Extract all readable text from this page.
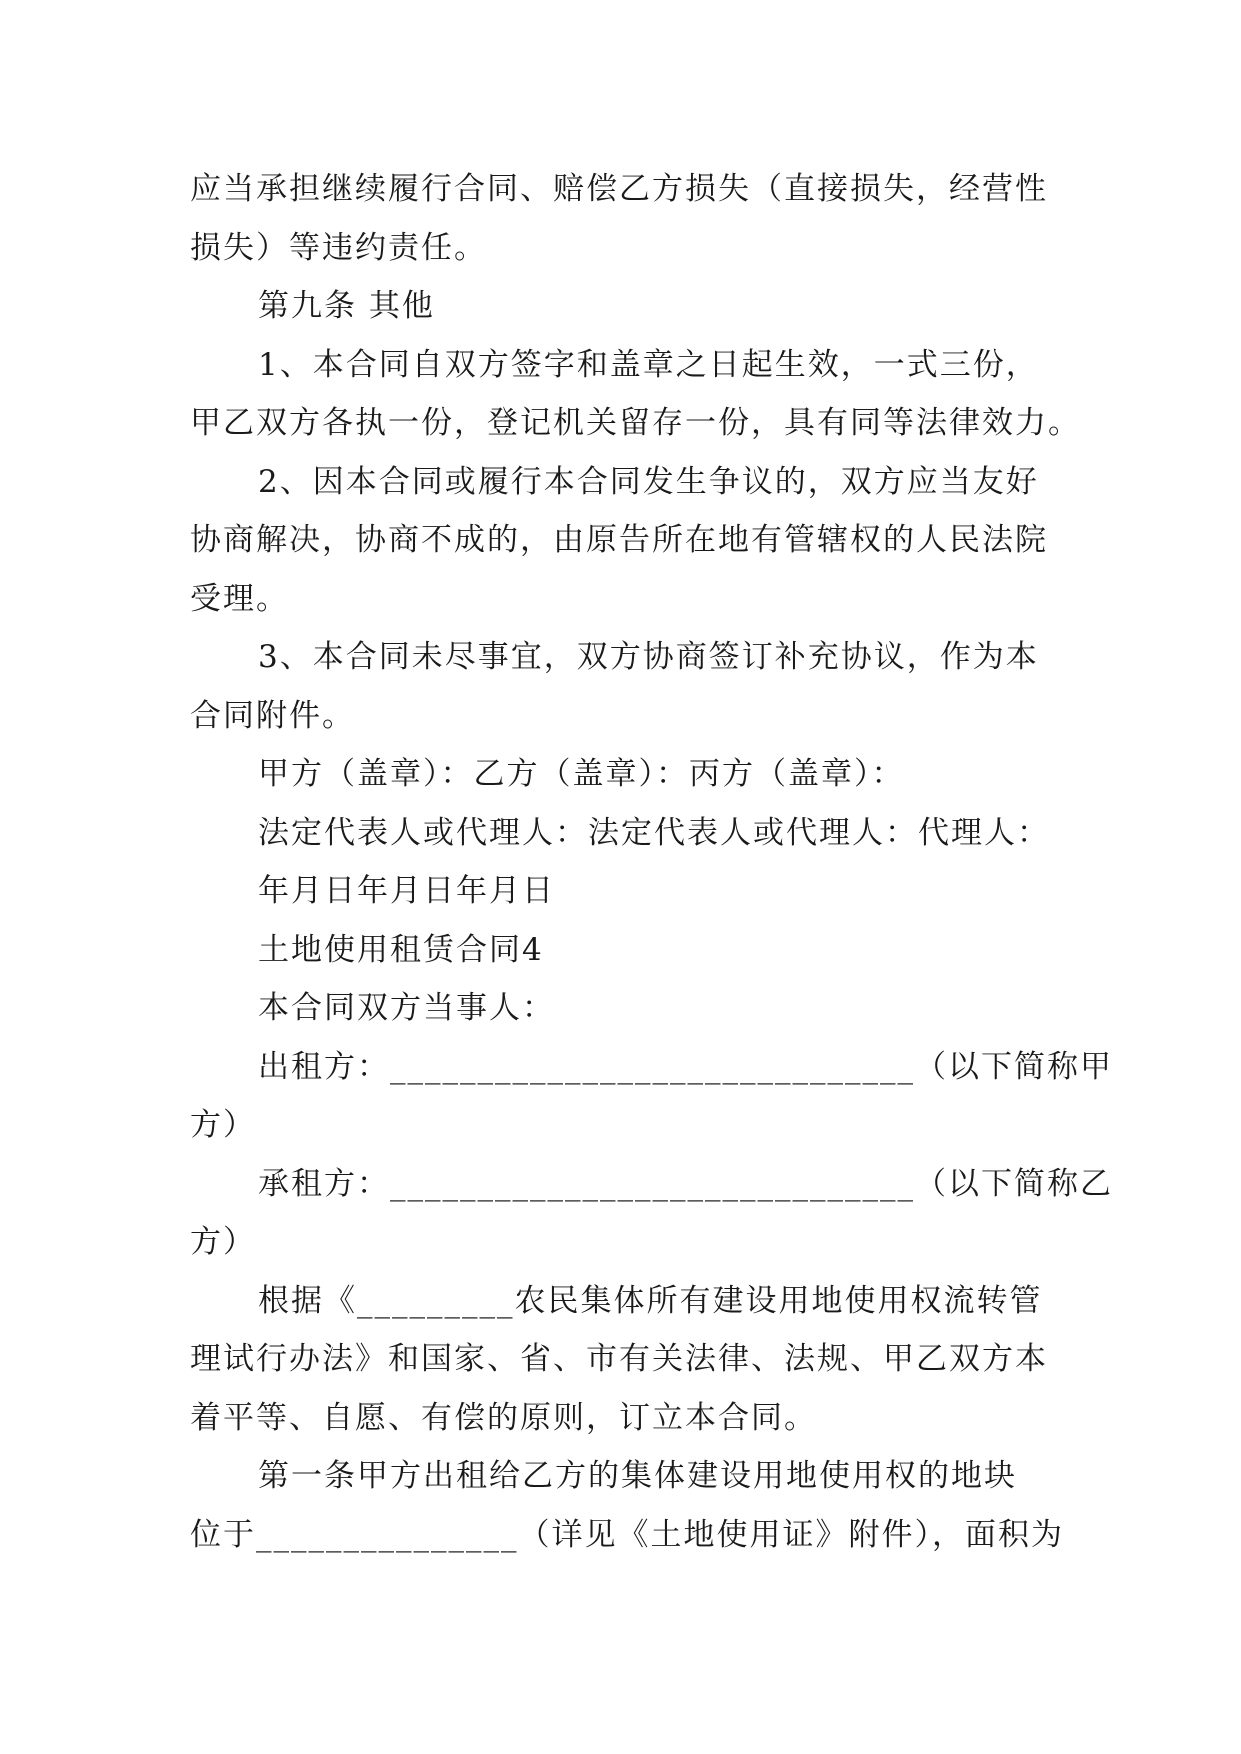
应当承担继续履行合同、赔偿乙方损失（直接损失，经营性
损失）等违约责任。
第九条 其他
1、本合同自双方签字和盖章之日起生效，一式三份，
甲乙双方各执一份，登记机关留存一份，具有同等法律效力。
2、因本合同或履行本合同发生争议的，双方应当友好
协商解决，协商不成的，由原告所在地有管辖权的人民法院
受理。
3、本合同未尽事宜，双方协商签订补充协议，作为本
合同附件。
甲方（盖章）：乙方（盖章）：丙方（盖章）：
法定代表人或代理人：法定代表人或代理人：代理人：
年月日年月日年月日
土地使用租赁合同4
本合同双方当事人：
出租方：______________________________（以下简称甲
方）
承租方：______________________________（以下简称乙
方）
根据《_________农民集体所有建设用地使用权流转管
理试行办法》和国家、省、市有关法律、法规、甲乙双方本
着平等、自愿、有偿的原则，订立本合同。
第一条甲方出租给乙方的集体建设用地使用权的地块
位于_______________（详见《土地使用证》附件），面积为
